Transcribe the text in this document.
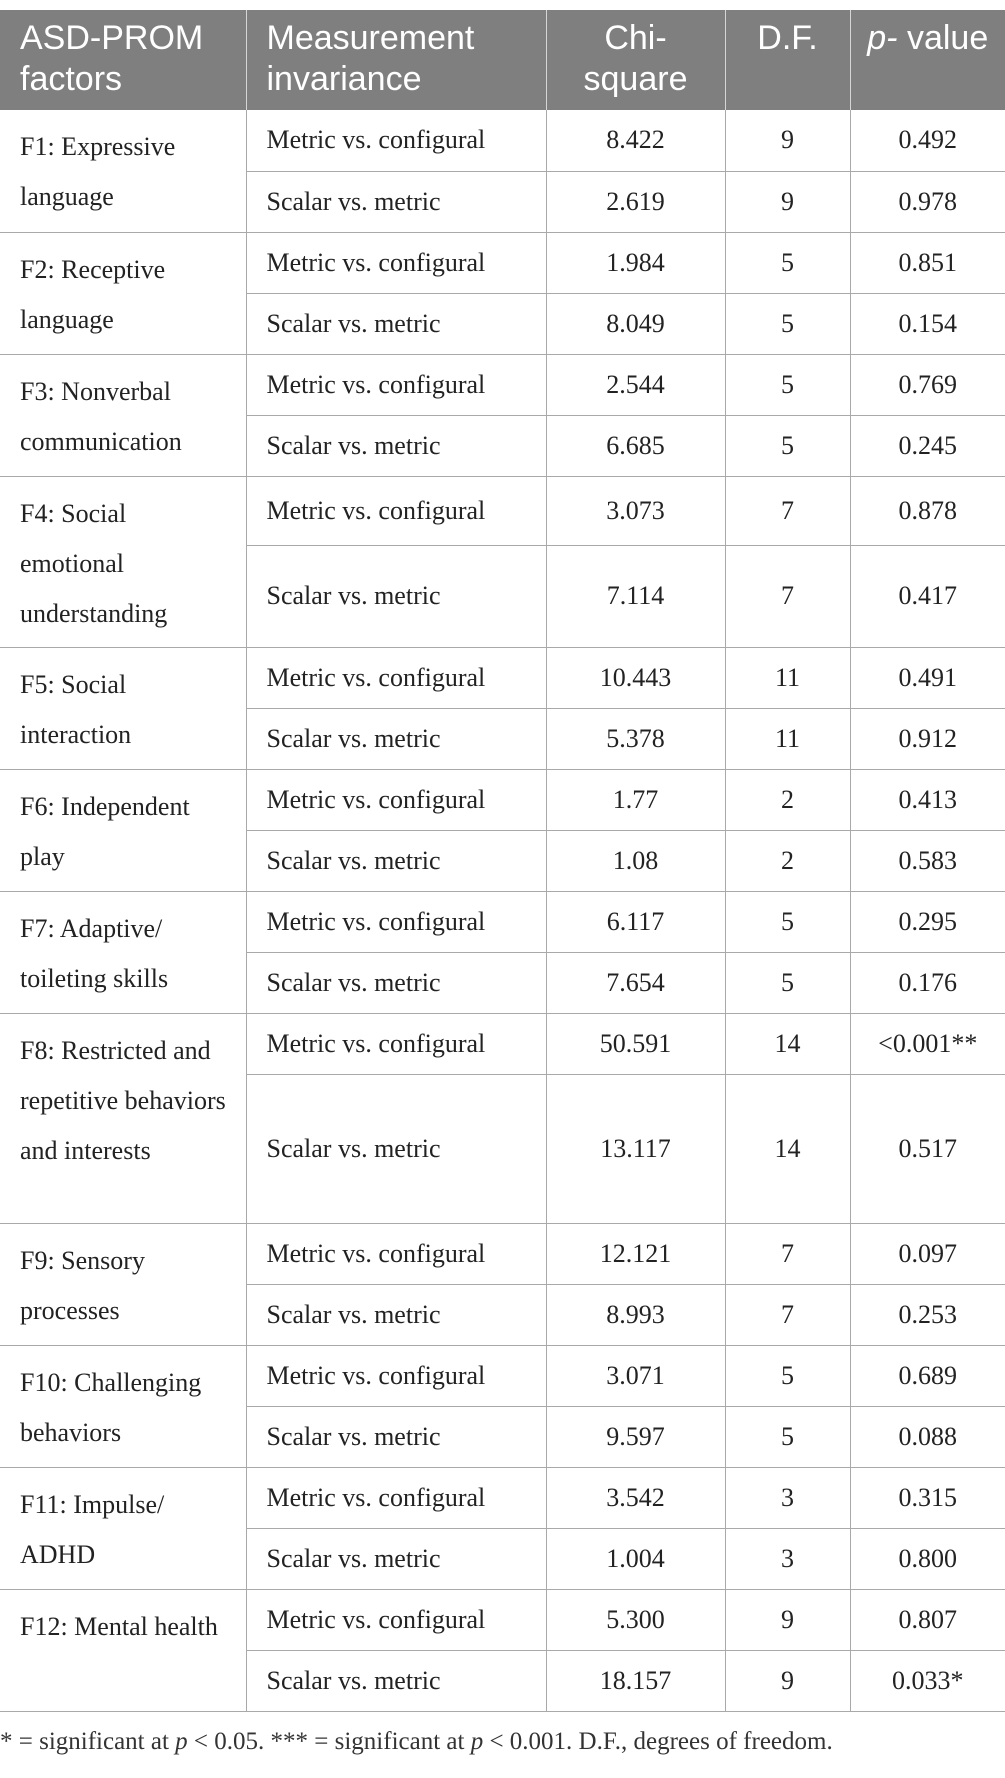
ASD-PROM factors	Measurement invariance	Chi-square	D.F.	p- value
F1: Expressive language	Metric vs. configural	8.422	9	0.492
	Scalar vs. metric	2.619	9	0.978
F2: Receptive language	Metric vs. configural	1.984	5	0.851
	Scalar vs. metric	8.049	5	0.154
F3: Nonverbal communication	Metric vs. configural	2.544	5	0.769
	Scalar vs. metric	6.685	5	0.245
F4: Social emotional understanding	Metric vs. configural	3.073	7	0.878
	Scalar vs. metric	7.114	7	0.417
F5: Social interaction	Metric vs. configural	10.443	11	0.491
	Scalar vs. metric	5.378	11	0.912
F6: Independent play	Metric vs. configural	1.77	2	0.413
	Scalar vs. metric	1.08	2	0.583
F7: Adaptive/ toileting skills	Metric vs. configural	6.117	5	0.295
	Scalar vs. metric	7.654	5	0.176
F8: Restricted and repetitive behaviors and interests	Metric vs. configural	50.591	14	<0.001**
	Scalar vs. metric	13.117	14	0.517
F9: Sensory processes	Metric vs. configural	12.121	7	0.097
	Scalar vs. metric	8.993	7	0.253
F10: Challenging behaviors	Metric vs. configural	3.071	5	0.689
	Scalar vs. metric	9.597	5	0.088
F11: Impulse/ ADHD	Metric vs. configural	3.542	3	0.315
	Scalar vs. metric	1.004	3	0.800
F12: Mental health	Metric vs. configural	5.300	9	0.807
	Scalar vs. metric	18.157	9	0.033*
* = significant at p < 0.05. *** = significant at p < 0.001. D.F., degrees of freedom.
